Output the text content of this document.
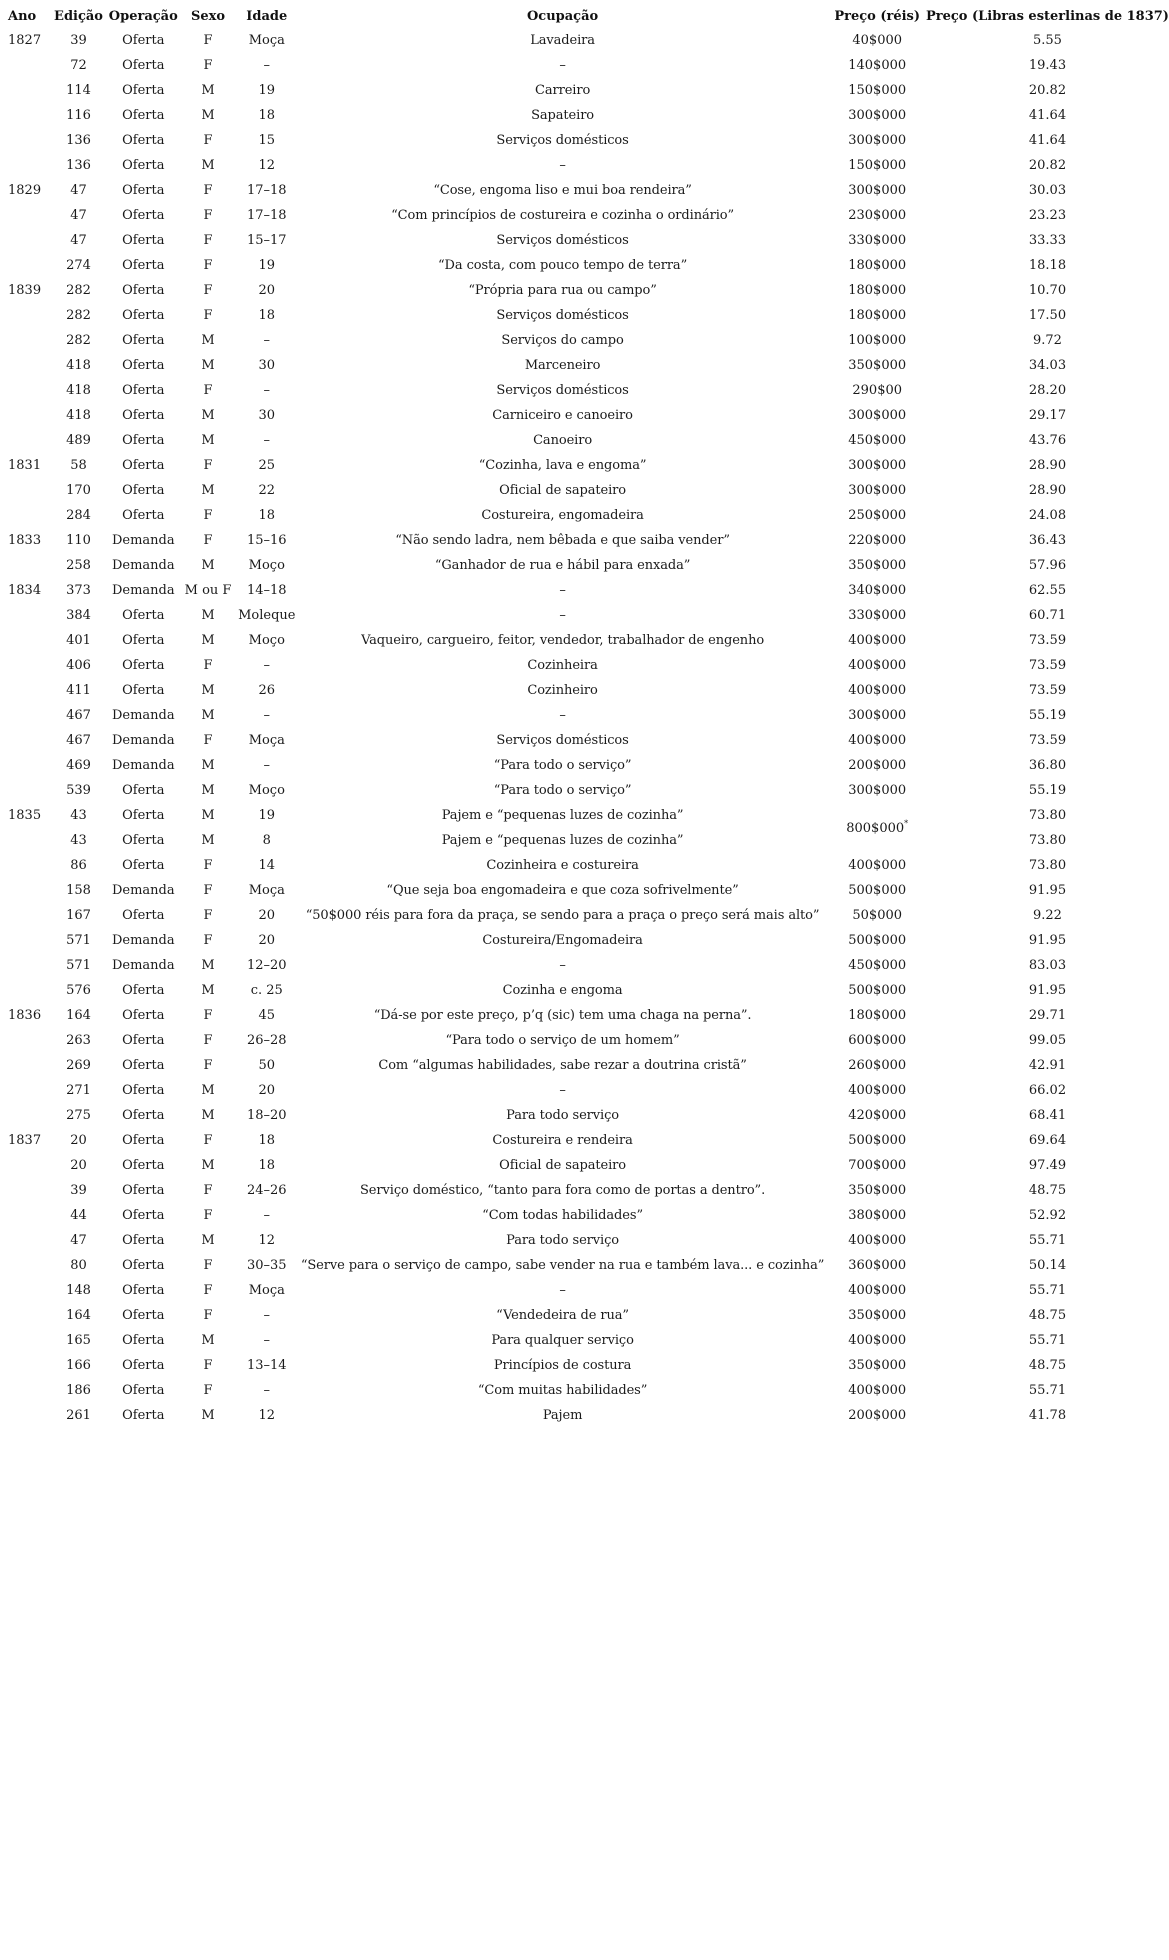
Ano	Edição	Operação	Sexo	Idade	Ocupação	Preço (réis)	Preço (Libras esterlinas de 1837)
1827	39	Oferta	F	Moça	Lavadeira	40$000	5.55
	72	Oferta	F	–	–	140$000	19.43
	114	Oferta	M	19	Carreiro	150$000	20.82
	116	Oferta	M	18	Sapateiro	300$000	41.64
	136	Oferta	F	15	Serviços domésticos	300$000	41.64
	136	Oferta	M	12	–	150$000	20.82
1829	47	Oferta	F	17–18	“Cose, engoma liso e mui boa rendeira”	300$000	30.03
	47	Oferta	F	17–18	“Com princípios de costureira e cozinha o ordinário”	230$000	23.23
	47	Oferta	F	15–17	Serviços domésticos	330$000	33.33
	274	Oferta	F	19	“Da costa, com pouco tempo de terra”	180$000	18.18
1839	282	Oferta	F	20	“Própria para rua ou campo”	180$000	10.70
	282	Oferta	F	18	Serviços domésticos	180$000	17.50
	282	Oferta	M	–	Serviços do campo	100$000	9.72
	418	Oferta	M	30	Marceneiro	350$000	34.03
	418	Oferta	F	–	Serviços domésticos	290$00	28.20
	418	Oferta	M	30	Carniceiro e canoeiro	300$000	29.17
	489	Oferta	M	–	Canoeiro	450$000	43.76
1831	58	Oferta	F	25	“Cozinha, lava e engoma”	300$000	28.90
	170	Oferta	M	22	Oficial de sapateiro	300$000	28.90
	284	Oferta	F	18	Costureira, engomadeira	250$000	24.08
1833	110	Demanda	F	15–16	“Não sendo ladra, nem bêbada e que saiba vender”	220$000	36.43
	258	Demanda	M	Moço	“Ganhador de rua e hábil para enxada”	350$000	57.96
1834	373	Demanda	M ou F	14–18	–	340$000	62.55
	384	Oferta	M	Moleque	–	330$000	60.71
	401	Oferta	M	Moço	Vaqueiro, cargueiro, feitor, vendedor, trabalhador de engenho	400$000	73.59
	406	Oferta	F	–	Cozinheira	400$000	73.59
	411	Oferta	M	26	Cozinheiro	400$000	73.59
	467	Demanda	M	–	–	300$000	55.19
	467	Demanda	F	Moça	Serviços domésticos	400$000	73.59
	469	Demanda	M	–	“Para todo o serviço”	200$000	36.80
	539	Oferta	M	Moço	“Para todo o serviço”	300$000	55.19
1835	43	Oferta	M	19	Pajem e “pequenas luzes de cozinha”	800$000*	73.80
	43	Oferta	M	8	Pajem e “pequenas luzes de cozinha”		73.80
	86	Oferta	F	14	Cozinheira e costureira	400$000	73.80
	158	Demanda	F	Moça	“Que seja boa engomadeira e que coza sofrivelmente”	500$000	91.95
	167	Oferta	F	20	“50$000 réis para fora da praça, se sendo para a praça o preço será mais alto”	50$000	9.22
	571	Demanda	F	20	Costureira/Engomadeira	500$000	91.95
	571	Demanda	M	12–20	–	450$000	83.03
	576	Oferta	M	c. 25	Cozinha e engoma	500$000	91.95
1836	164	Oferta	F	45	“Dá-se por este preço, p’q (sic) tem uma chaga na perna”.	180$000	29.71
	263	Oferta	F	26–28	“Para todo o serviço de um homem”	600$000	99.05
	269	Oferta	F	50	Com “algumas habilidades, sabe rezar a doutrina cristã”	260$000	42.91
	271	Oferta	M	20	–	400$000	66.02
	275	Oferta	M	18–20	Para todo serviço	420$000	68.41
1837	20	Oferta	F	18	Costureira e rendeira	500$000	69.64
	20	Oferta	M	18	Oficial de sapateiro	700$000	97.49
	39	Oferta	F	24–26	Serviço doméstico, “tanto para fora como de portas a dentro”.	350$000	48.75
	44	Oferta	F	–	“Com todas habilidades”	380$000	52.92
	47	Oferta	M	12	Para todo serviço	400$000	55.71
	80	Oferta	F	30–35	“Serve para o serviço de campo, sabe vender na rua e também lava... e cozinha”	360$000	50.14
	148	Oferta	F	Moça	–	400$000	55.71
	164	Oferta	F	–	“Vendedeira de rua”	350$000	48.75
	165	Oferta	M	–	Para qualquer serviço	400$000	55.71
	166	Oferta	F	13–14	Princípios de costura	350$000	48.75
	186	Oferta	F	–	“Com muitas habilidades”	400$000	55.71
	261	Oferta	M	12	Pajem	200$000	41.78
